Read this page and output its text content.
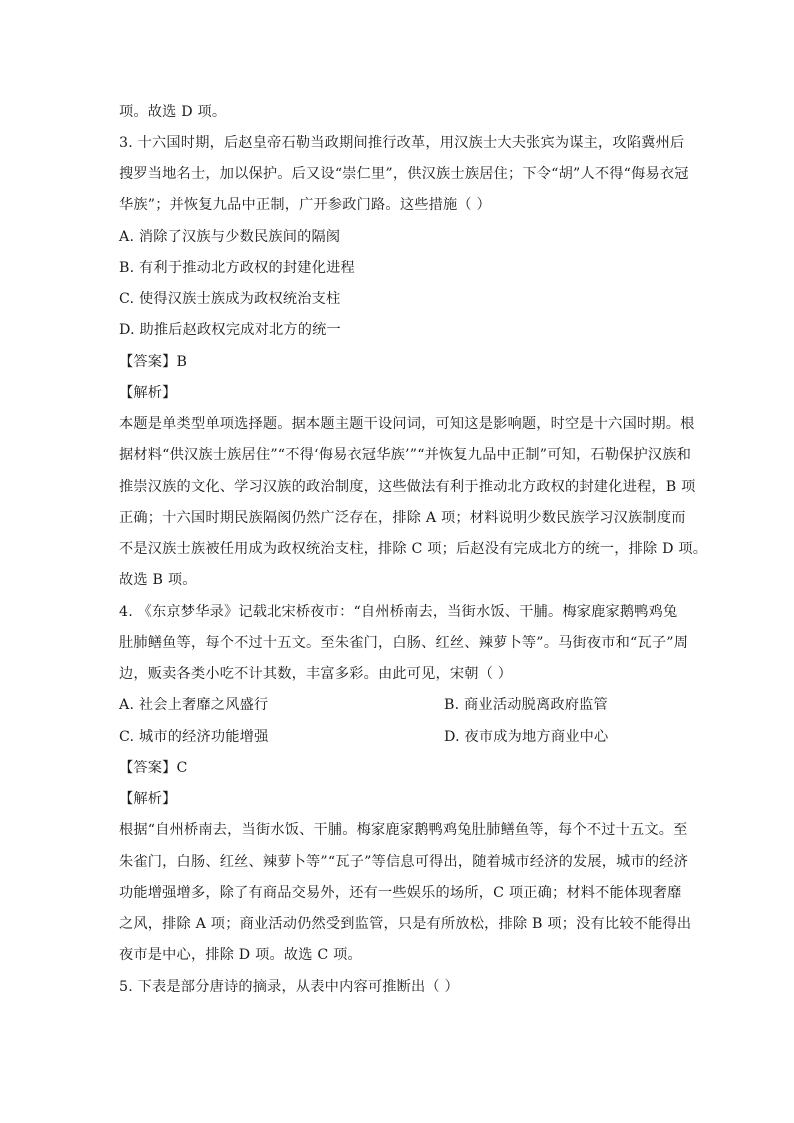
项。故选 D 项。
3. 十六国时期，后赵皇帝石勒当政期间推行改革，用汉族士大夫张宾为谋主，攻陷冀州后
搜罗当地名士，加以保护。后又设“崇仁里”，供汉族士族居住；下令“胡”人不得“侮易衣冠
华族”；并恢复九品中正制，广开参政门路。这些措施（ ）
A. 消除了汉族与少数民族间的隔阂
B. 有利于推动北方政权的封建化进程
C. 使得汉族士族成为政权统治支柱
D. 助推后赵政权完成对北方的统一
【答案】B
【解析】
本题是单类型单项选择题。据本题主题干设问词，可知这是影响题，时空是十六国时期。根
据材料“供汉族士族居住”“不得‘侮易衣冠华族’”“并恢复九品中正制”可知，石勒保护汉族和
推崇汉族的文化、学习汉族的政治制度，这些做法有利于推动北方政权的封建化进程，B 项
正确；十六国时期民族隔阂仍然广泛存在，排除 A 项；材料说明少数民族学习汉族制度而
不是汉族士族被任用成为政权统治支柱，排除 C 项；后赵没有完成北方的统一，排除 D 项。
故选 B 项。
4. 《东京梦华录》记载北宋桥夜市：“自州桥南去，当街水饭、干脯。梅家鹿家鹅鸭鸡兔
肚肺鳝鱼等，每个不过十五文。至朱雀门，白肠、红丝、辣萝卜等”。马街夜市和“瓦子”周
边，贩卖各类小吃不计其数，丰富多彩。由此可见，宋朝（ ）
A. 社会上奢靡之风盛行	B. 商业活动脱离政府监管
C. 城市的经济功能增强	D. 夜市成为地方商业中心
【答案】C
【解析】
根据“自州桥南去，当街水饭、干脯。梅家鹿家鹅鸭鸡兔肚肺鳝鱼等，每个不过十五文。至
朱雀门，白肠、红丝、辣萝卜等”“瓦子”等信息可得出，随着城市经济的发展，城市的经济
功能增强增多，除了有商品交易外，还有一些娱乐的场所，C 项正确；材料不能体现奢靡
之风，排除 A 项；商业活动仍然受到监管，只是有所放松，排除 B 项；没有比较不能得出
夜市是中心，排除 D 项。故选 C 项。
5. 下表是部分唐诗的摘录，从表中内容可推断出（ ）
